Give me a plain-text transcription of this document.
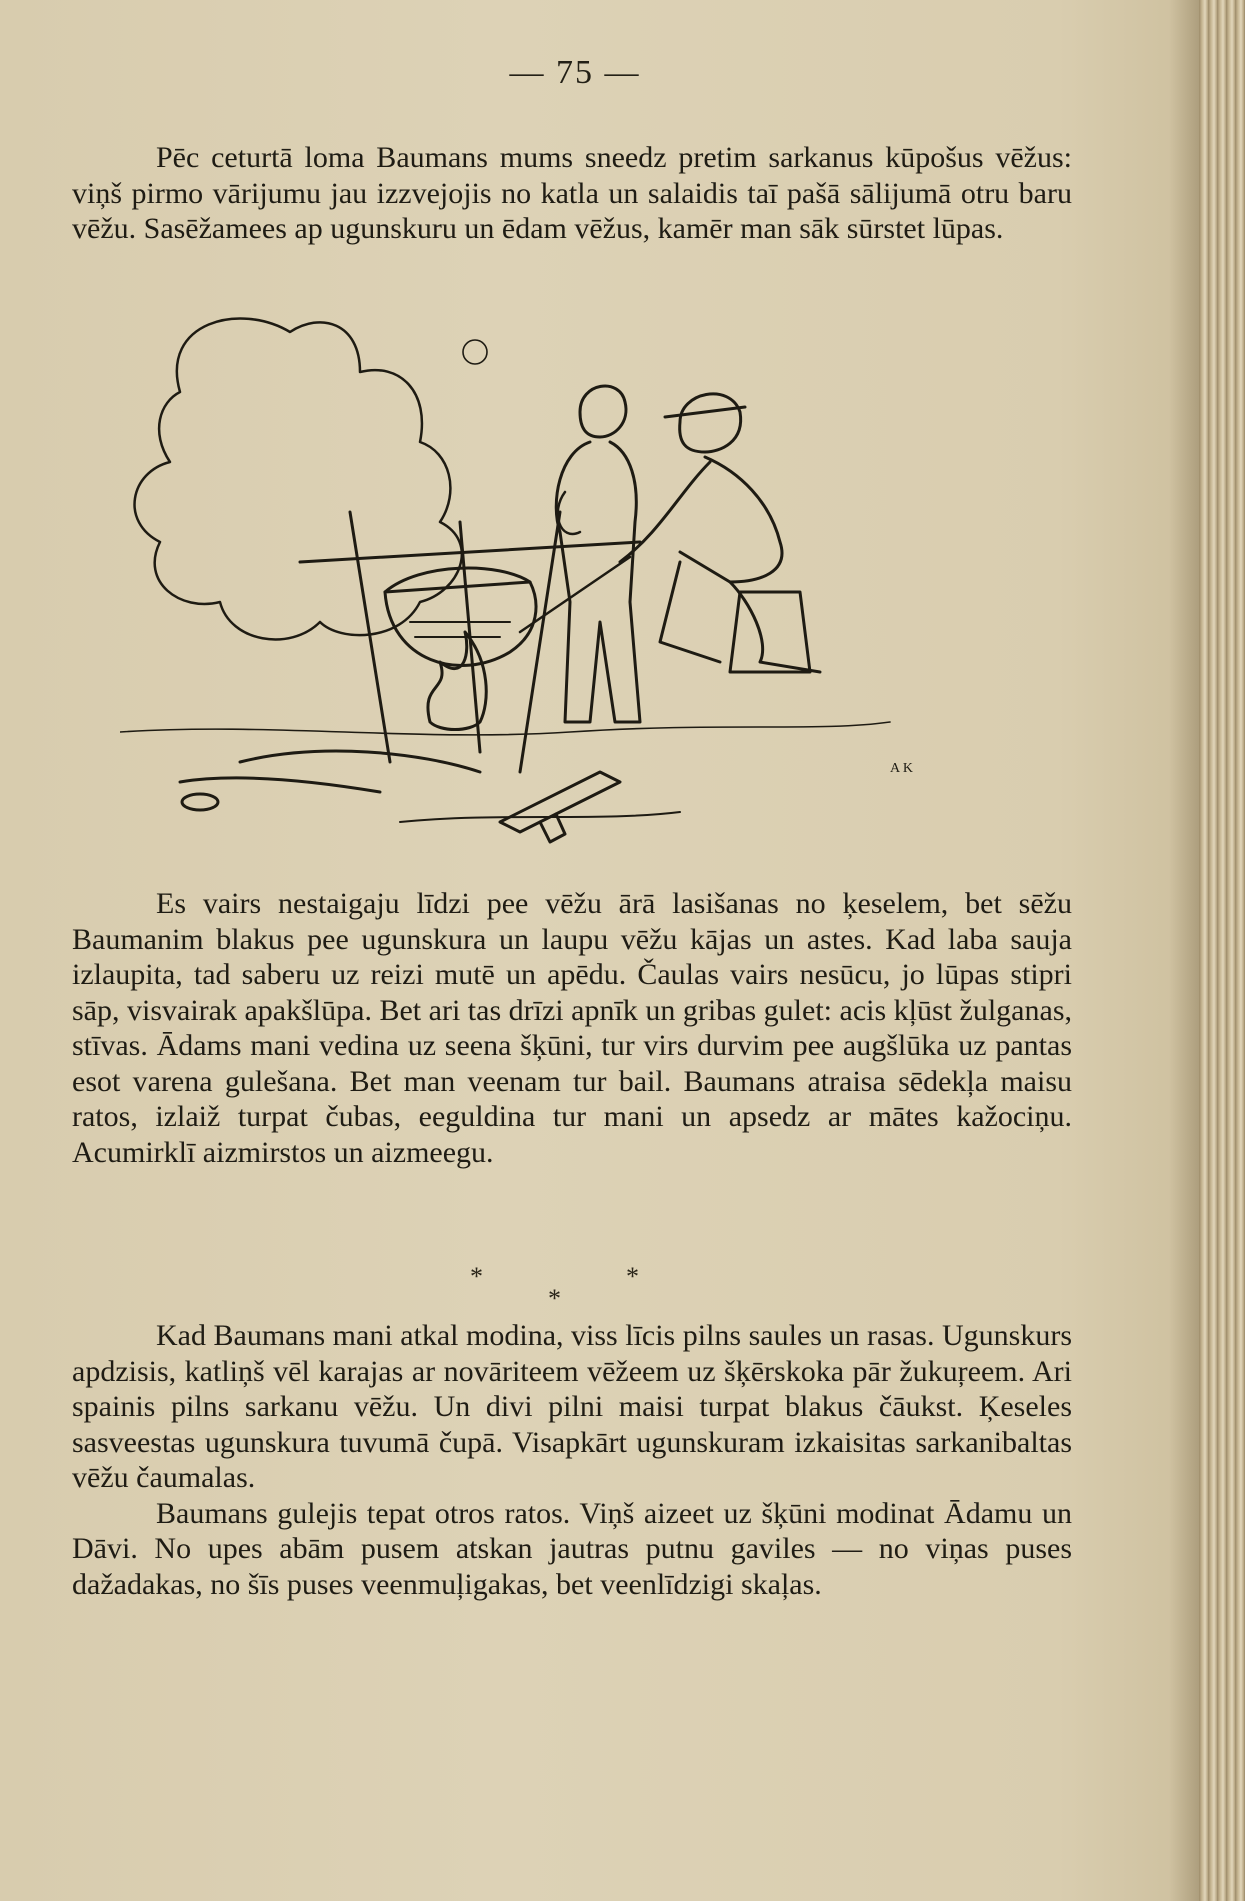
— 75 —

Pēc ceturtā loma Baumans mums sneedz pretim sarkanus kūpošus vēžus: viņš pirmo vārijumu jau izzvejojis no katla un salaidis taī pašā sālijumā otru baru vēžu. Sasēžamees ap ugunskuru un ēdam vēžus, kamēr man sāk sūrstet lūpas.

A K

Es vairs nestaigaju līdzi pee vēžu ārā lasišanas no ķeselem, bet sēžu Baumanim blakus pee ugunskura un laupu vēžu kājas un astes. Kad laba sauja izlaupita, tad saberu uz reizi mutē un apēdu. Čaulas vairs nesūcu, jo lūpas stipri sāp, visvairak apakšlūpa. Bet ari tas drīzi apnīk un gribas gulet: acis kļūst žulganas, stīvas. Ādams mani vedina uz seena šķūni, tur virs durvim pee augšlūka uz pantas esot varena gulešana. Bet man veenam tur bail. Baumans atraisa sēdekļa maisu ratos, izlaiž turpat čubas, eeguldina tur mani un apsedz ar mātes kažociņu. Acumirklī aizmirstos un aizmeegu.

*
*
*

Kad Baumans mani atkal modina, viss līcis pilns saules un rasas. Ugunskurs apdzisis, katliņš vēl karajas ar novāriteem vēžeem uz šķērskoka pār žukuŗeem. Ari spainis pilns sarkanu vēžu. Un divi pilni maisi turpat blakus čāukst. Ķeseles sasveestas ugunskura tuvumā čupā. Visapkārt ugunskuram izkaisitas sarkanibaltas vēžu čaumalas.

Baumans gulejis tepat otros ratos. Viņš aizeet uz šķūni modinat Ādamu un Dāvi. No upes abām pusem atskan jautras putnu gaviles — no viņas puses dažadakas, no šīs puses veenmuļigakas, bet veenlīdzigi skaļas.
